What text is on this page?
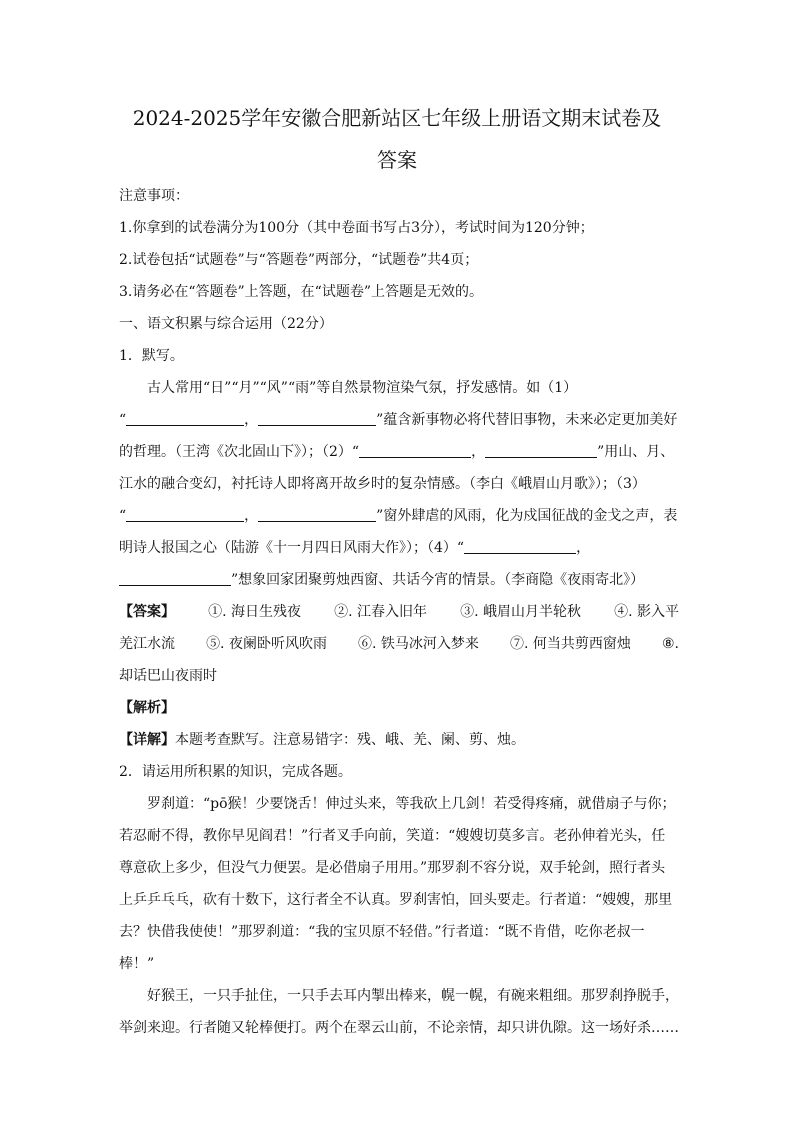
2024-2025学年安徽合肥新站区七年级上册语文期末试卷及
答案
注意事项：
1.你拿到的试卷满分为100分（其中卷面书写占3分），考试时间为120分钟；
2.试卷包括“试题卷”与“答题卷”两部分，“试题卷”共4页；
3.请务必在“答题卷”上答题，在“试题卷”上答题是无效的。
一、语文积累与综合运用（22分）
1．默写。
古人常用“日”“月”“风”“雨”等自然景物渲染气氛，抒发感情。如（1）
“	，	”蕴含新事物必将代替旧事物，未来必定更加美好
的哲理。（王湾《次北固山下》）；（2）“	，	”用山、月、
江水的融合变幻，衬托诗人即将离开故乡时的复杂情感。（李白《峨眉山月歌》）；（3）
“	，	”窗外肆虐的风雨，化为戍国征战的金戈之声，表
明诗人报国之心（陆游《十一月四日风雨大作》）；（4）“	，
”想象回家团聚剪烛西窗、共话今宵的情景。（李商隐《夜雨寄北》）
【答案】 ①. 海日生残夜 ②. 江春入旧年 ③. 峨眉山月半轮秋 ④. 影入平
羌江水流 ⑤. 夜阑卧听风吹雨 ⑥. 铁马冰河入梦来 ⑦. 何当共剪西窗烛 ⑧.
却话巴山夜雨时
【解析】
【详解】本题考查默写。注意易错字：残、峨、羌、阑、剪、烛。
2．请运用所积累的知识，完成各题。
罗刹道：“pō猴！少要饶舌！伸过头来，等我砍上几剑！若受得疼痛，就借扇子与你；
若忍耐不得，教你早见阎君！”行者叉手向前，笑道：“嫂嫂切莫多言。老孙伸着光头，任
尊意砍上多少，但没气力便罢。是必借扇子用用。”那罗刹不容分说，双手轮剑，照行者头
上乒乒乓乓，砍有十数下，这行者全不认真。罗刹害怕，回头要走。行者道：“嫂嫂，那里
去？快借我使使！”那罗刹道：“我的宝贝原不轻借。”行者道：“既不肯借，吃你老叔一
棒！”
好猴王，一只手扯住，一只手去耳内掣出棒来，幌一幌，有碗来粗细。那罗刹挣脱手，
举剑来迎。行者随又轮棒便打。两个在翠云山前，不论亲情，却只讲仇隙。这一场好杀……
